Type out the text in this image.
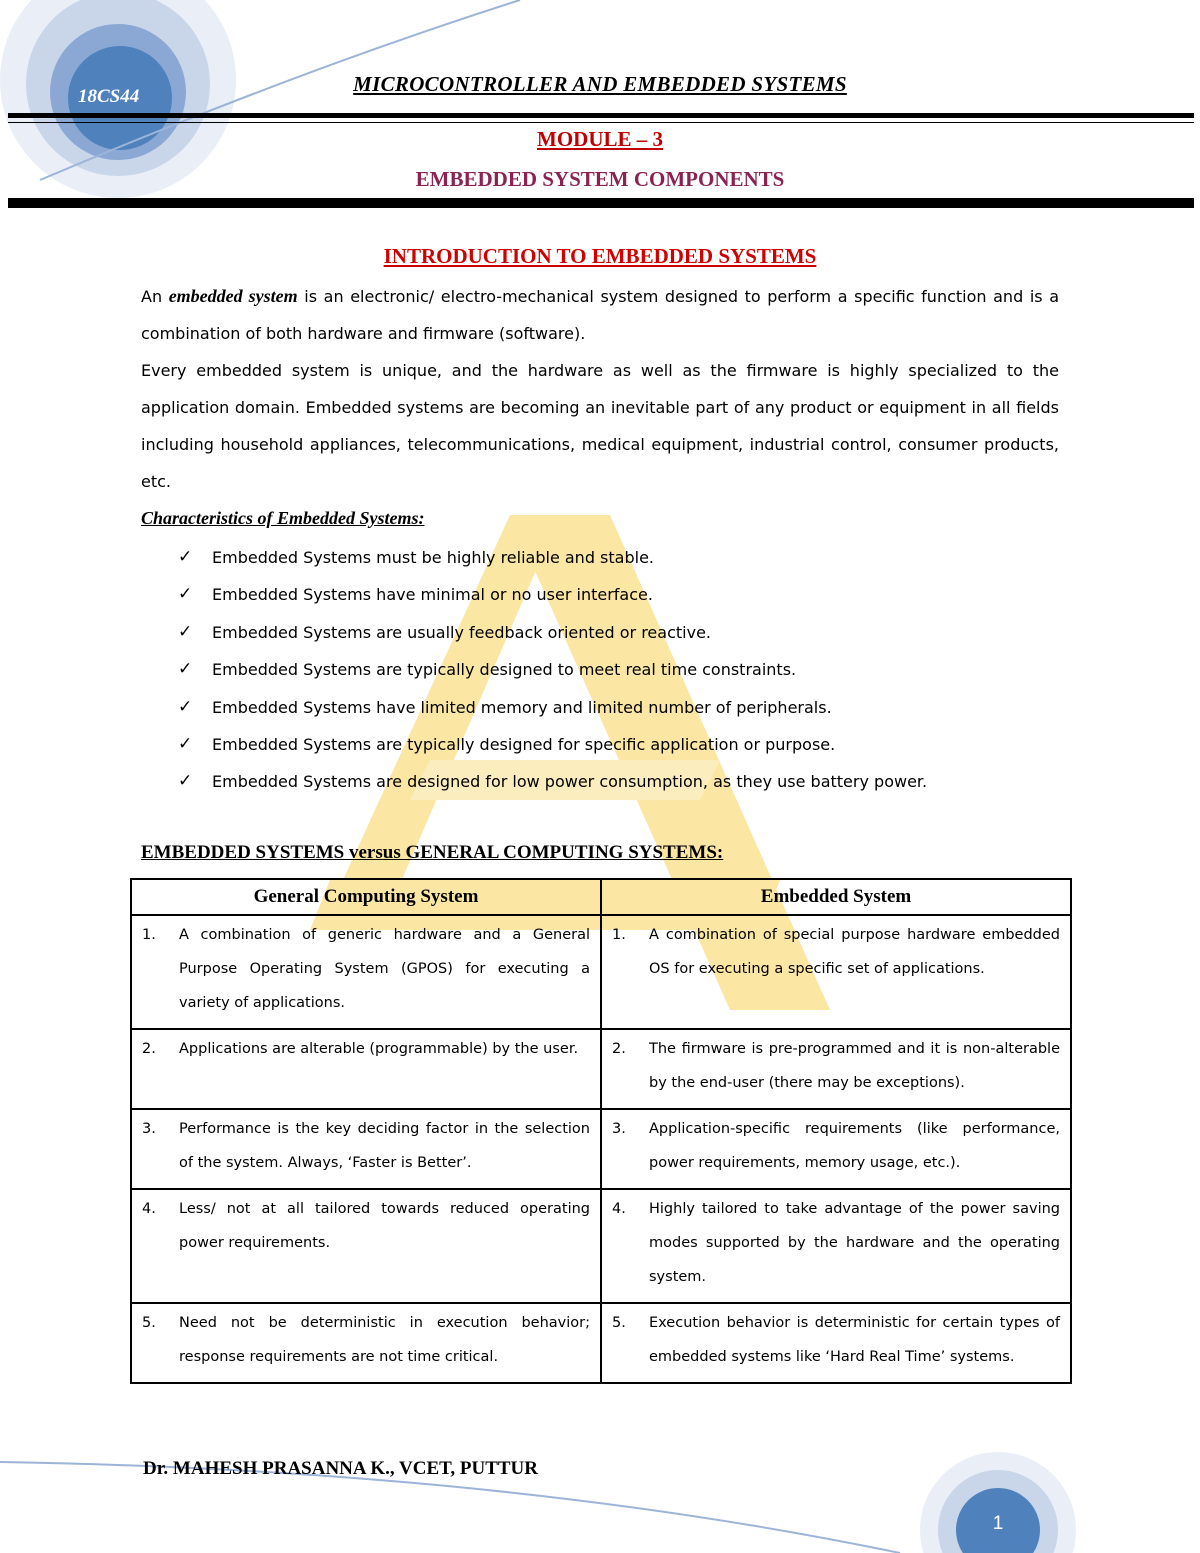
18CS44
MICROCONTROLLER AND EMBEDDED SYSTEMS
MODULE – 3
EMBEDDED SYSTEM COMPONENTS
INTRODUCTION TO EMBEDDED SYSTEMS
An embedded system is an electronic/ electro-mechanical system designed to perform a specific function and is a combination of both hardware and firmware (software).
Every embedded system is unique, and the hardware as well as the firmware is highly specialized to the application domain. Embedded systems are becoming an inevitable part of any product or equipment in all fields including household appliances, telecommunications, medical equipment, industrial control, consumer products, etc.
Characteristics of Embedded Systems:
✓ Embedded Systems must be highly reliable and stable.
✓ Embedded Systems have minimal or no user interface.
✓ Embedded Systems are usually feedback oriented or reactive.
✓ Embedded Systems are typically designed to meet real time constraints.
✓ Embedded Systems have limited memory and limited number of peripherals.
✓ Embedded Systems are typically designed for specific application or purpose.
✓ Embedded Systems are designed for low power consumption, as they use battery power.
EMBEDDED SYSTEMS versus GENERAL COMPUTING SYSTEMS:
General Computing System	Embedded System

1. A combination of generic hardware and a General Purpose Operating System (GPOS) for executing a variety of applications.	1. A combination of special purpose hardware embedded OS for executing a specific set of applications.

2. Applications are alterable (programmable) by the user.	2. The firmware is pre-programmed and it is non-alterable by the end-user (there may be exceptions).

3. Performance is the key deciding factor in the selection of the system. Always, ‘Faster is Better’.	3. Application-specific requirements (like performance, power requirements, memory usage, etc.).

4. Less/ not at all tailored towards reduced operating power requirements.	4. Highly tailored to take advantage of the power saving modes supported by the hardware and the operating system.

5. Need not be deterministic in execution behavior; response requirements are not time critical.	5. Execution behavior is deterministic for certain types of embedded systems like ‘Hard Real Time’ systems.
Dr. MAHESH PRASANNA K., VCET, PUTTUR
1
